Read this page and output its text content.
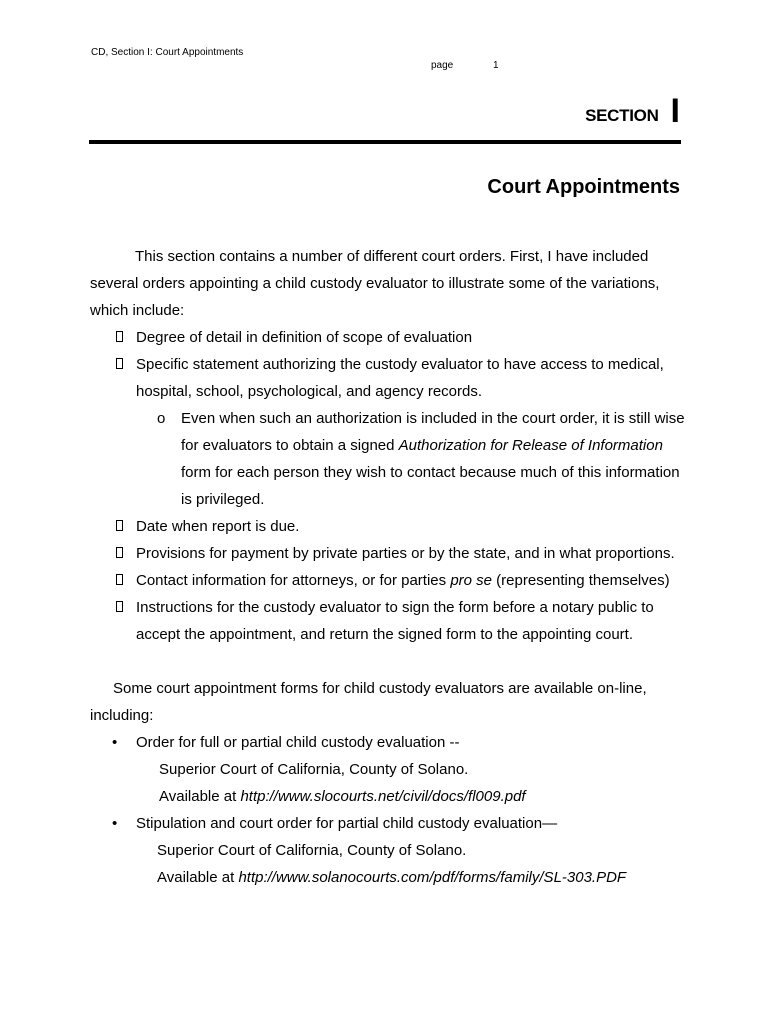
CD, Section I: Court Appointments
page	1
SECTION I
Court Appointments

This section contains a number of different court orders. First, I have included several orders appointing a child custody evaluator to illustrate some of the variations, which include:

Degree of detail in definition of scope of evaluation
Specific statement authorizing the custody evaluator to have access to medical, hospital, school, psychological, and agency records.
o Even when such an authorization is included in the court order, it is still wise for evaluators to obtain a signed Authorization for Release of Information form for each person they wish to contact because much of this information is privileged.
Date when report is due.
Provisions for payment by private parties or by the state, and in what proportions.
Contact information for attorneys, or for parties pro se (representing themselves)
Instructions for the custody evaluator to sign the form before a notary public to accept the appointment, and return the signed form to the appointing court.

Some court appointment forms for child custody evaluators are available on-line, including:

• Order for full or partial child custody evaluation --
Superior Court of California, County of Solano.
Available at http://www.slocourts.net/civil/docs/fl009.pdf
• Stipulation and court order for partial child custody evaluation—
Superior Court of California, County of Solano.
Available at http://www.solanocourts.com/pdf/forms/family/SL-303.PDF
